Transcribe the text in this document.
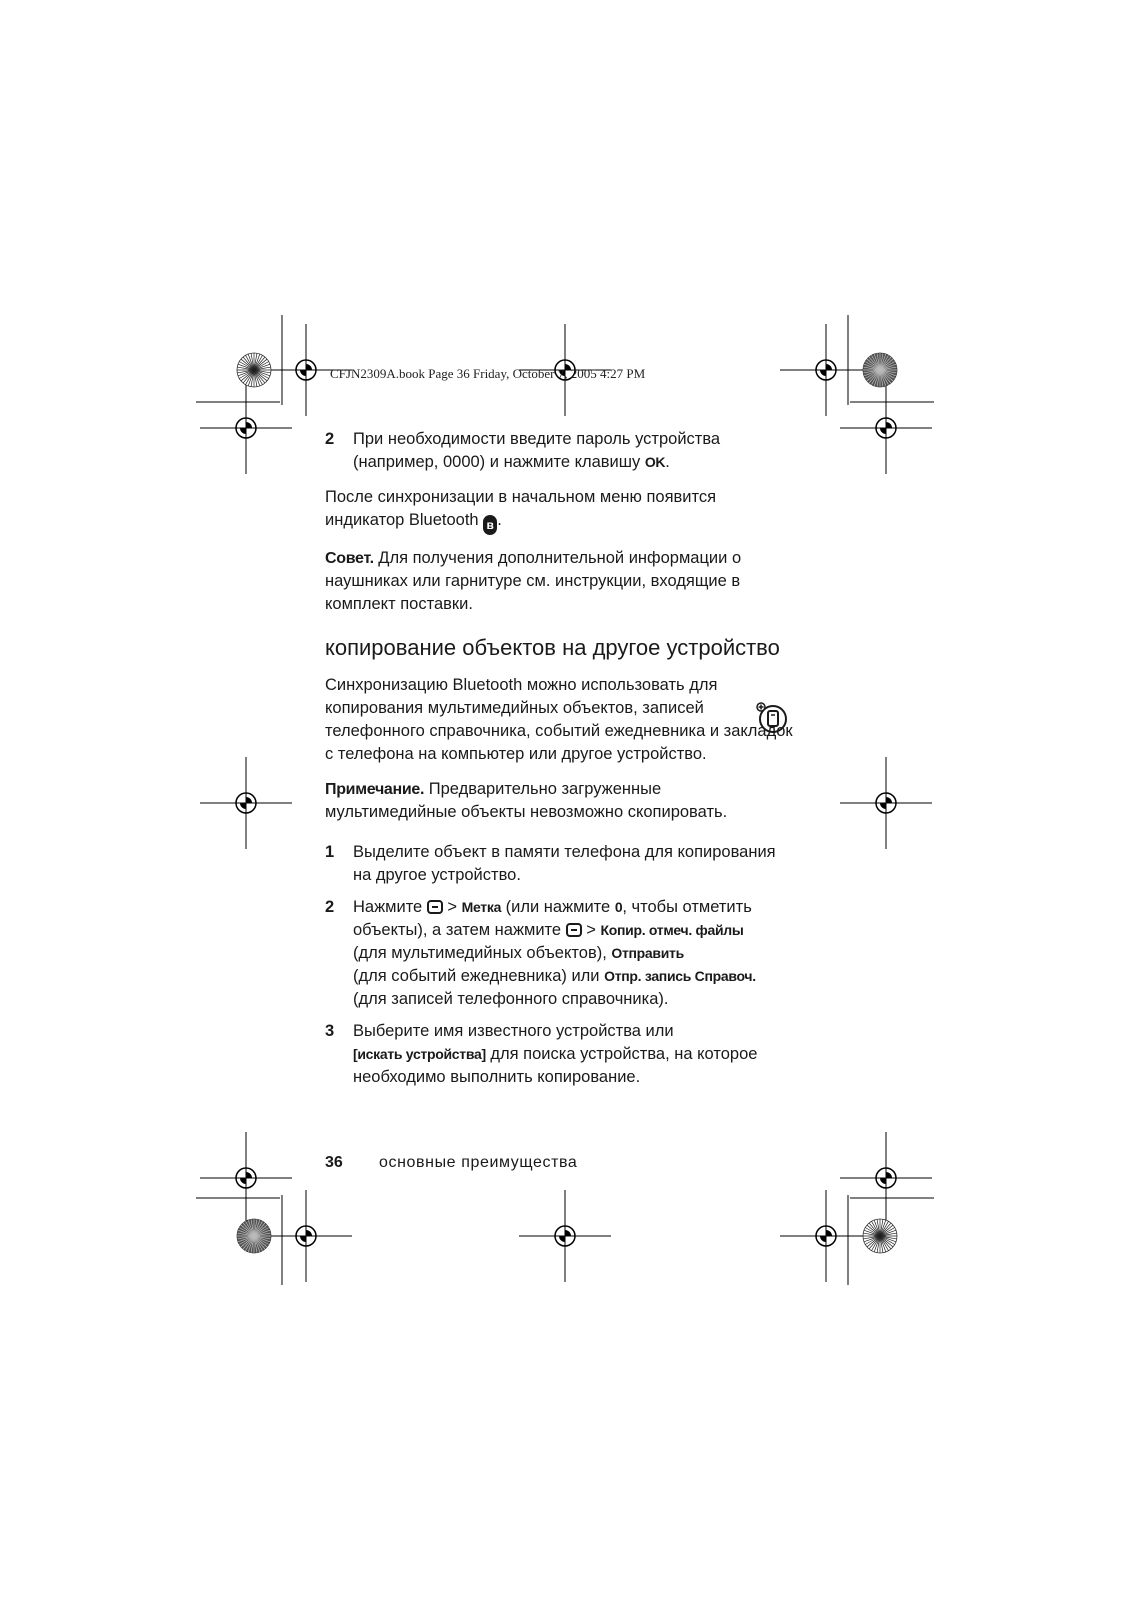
CFJN2309A.book Page 36 Friday, October 7, 2005 4:27 PM
2	При необходимости введите пароль устройства (например, 0000) и нажмите клавишу OK.

После синхронизации в начальном меню появится индикатор Bluetooth ʙ .

Совет. Для получения дополнительной информации о наушниках или гарнитуре см. инструкции, входящие в комплект поставки.

копирование объектов на другое устройство

Синхронизацию Bluetooth можно использовать для копирования мультимедийных объектов, записей телефонного справочника, событий ежедневника и закладок с телефона на компьютер или другое устройство.

Примечание. Предварительно загруженные мультимедийные объекты невозможно скопировать.

1	Выделите объект в памяти телефона для копирования на другое устройство.

2	Нажмите  > Метка (или нажмите 0, чтобы отметить объекты), а затем нажмите  > Копир. отмеч. файлы
(для мультимедийных объектов), Отправить
(для событий ежедневника) или Отпр. запись Справоч.
(для записей телефонного справочника).

3	Выберите имя известного устройства или
[искать устройства] для поиска устройства, на которое необходимо выполнить копирование.

36 основные преимущества
